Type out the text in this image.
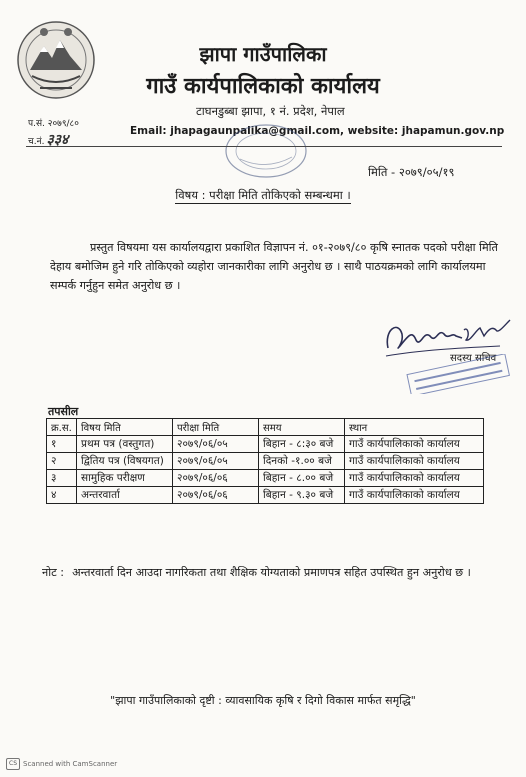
झापा गाउँपालिका
गाउँ कार्यपालिकाको कार्यालय
टाघनडुब्बा झापा, १ नं. प्रदेश, नेपाल
Email: jhapagaunpalika@gmail.com, website: jhapamun.gov.np
प.सं. २०७९/८०
च.नं. ३३४
मिति - २०७९/०५/१९
विषय : परीक्षा मिति तोकिएको सम्बन्धमा ।
प्रस्तुत विषयमा यस कार्यालयद्वारा प्रकाशित विज्ञापन नं. ०१-२०७९/८० कृषि स्नातक पदको परीक्षा मिति देहाय बमोजिम हुने गरि तोकिएको व्यहोरा जानकारीका लागि अनुरोध छ । साथै पाठयक्रमको लागि कार्यालयमा सम्पर्क गर्नुहुन समेत अनुरोध छ ।
सदस्य सचिव
तपसील
क्र.स.	विषय मिति	परीक्षा मिति	समय	स्थान
१	प्रथम पत्र (वस्तुगत)	२०७९/०६/०५	बिहान - ८:३० बजे	गाउँ कार्यपालिकाको कार्यालय
२	द्वितिय पत्र (विषयगत)	२०७९/०६/०५	दिनको -१.०० बजे	गाउँ कार्यपालिकाको कार्यालय
३	सामुहिक परीक्षण	२०७९/०६/०६	बिहान - ८.०० बजे	गाउँ कार्यपालिकाको कार्यालय
४	अन्तरवार्ता	२०७९/०६/०६	बिहान - ९.३० बजे	गाउँ कार्यपालिकाको कार्यालय
नोट : अन्तरवार्ता दिन आउदा नागरिकता तथा शैक्षिक योग्यताको प्रमाणपत्र सहित उपस्थित हुन अनुरोध छ ।
"झापा गाउँपालिकाको दृष्टी : व्यावसायिक कृषि र दिगो विकास मार्फत समृद्धि"
CS Scanned with CamScanner
